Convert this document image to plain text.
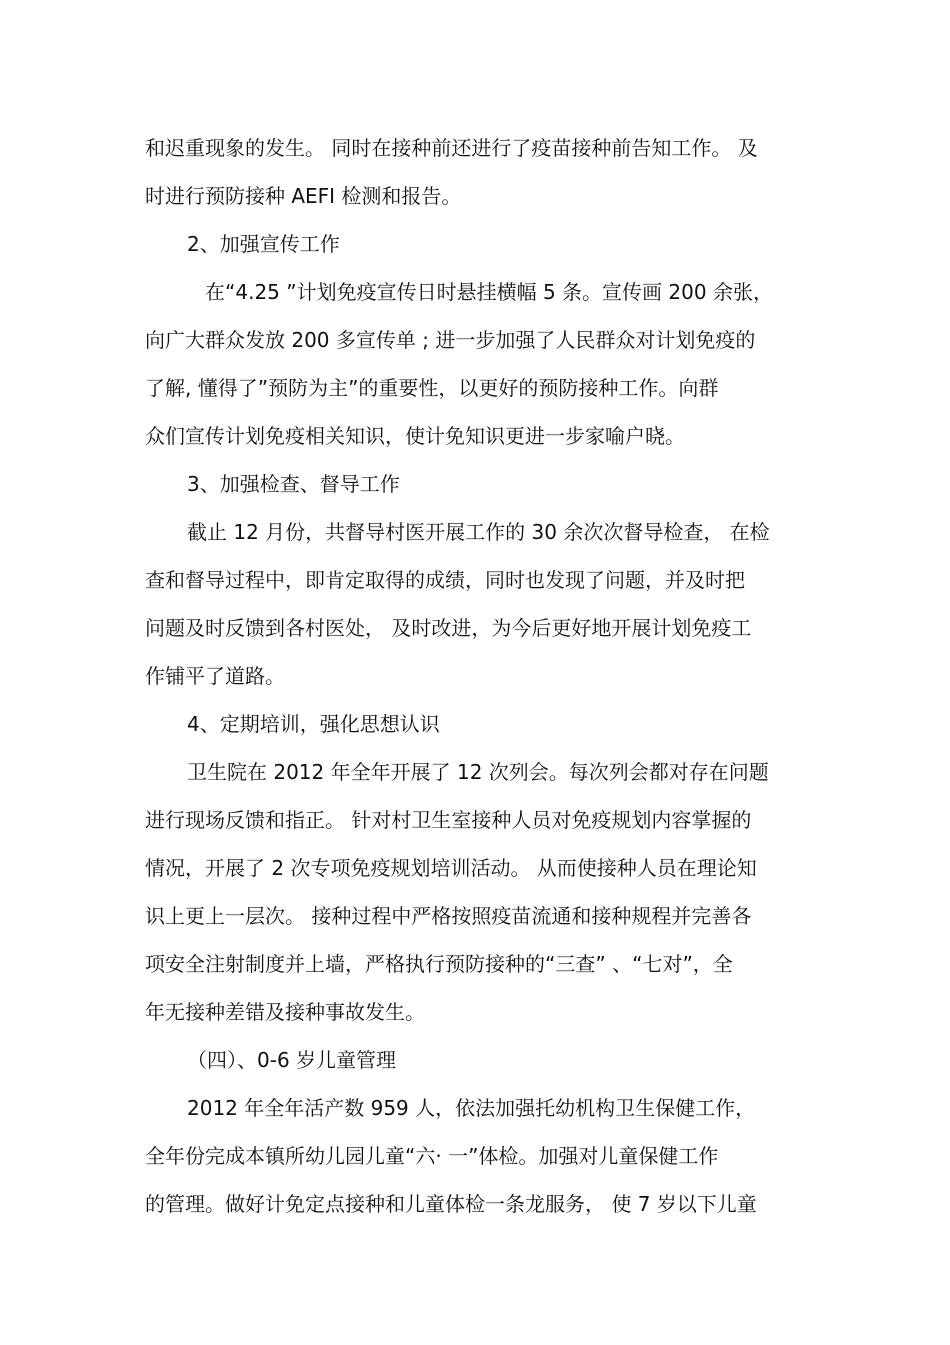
和迟重现象的发生。 同时在接种前还进行了疫苗接种前告知工作。 及
时进行预防接种 AEFI 检测和报告。
2、加强宣传工作
在“4.25 ”计划免疫宣传日时悬挂横幅 5 条。宣传画 200 余张，
向广大群众发放 200 多宣传单 ; 进一步加强了人民群众对计划免疫的
了解, 懂得了”预防为主”的重要性，以更好的预防接种工作。向群
众们宣传计划免疫相关知识，使计免知识更进一步家喻户晓。
3、加强检查、督导工作
截止 12 月份，共督导村医开展工作的 30 余次次督导检查， 在检
查和督导过程中，即肯定取得的成绩，同时也发现了问题，并及时把
问题及时反馈到各村医处， 及时改进，为今后更好地开展计划免疫工
作铺平了道路。
4、定期培训，强化思想认识
卫生院在 2012 年全年开展了 12 次列会。每次列会都对存在问题
进行现场反馈和指正。 针对村卫生室接种人员对免疫规划内容掌握的
情况，开展了 2 次专项免疫规划培训活动。 从而使接种人员在理论知
识上更上一层次。 接种过程中严格按照疫苗流通和接种规程并完善各
项安全注射制度并上墙，严格执行预防接种的“三查” 、“七对”，全
年无接种差错及接种事故发生。
（四）、0-6 岁儿童管理
2012 年全年活产数 959 人，依法加强托幼机构卫生保健工作，
全年份完成本镇所幼儿园儿童“六· 一”体检。加强对儿童保健工作
的管理。做好计免定点接种和儿童体检一条龙服务， 使 7 岁以下儿童
